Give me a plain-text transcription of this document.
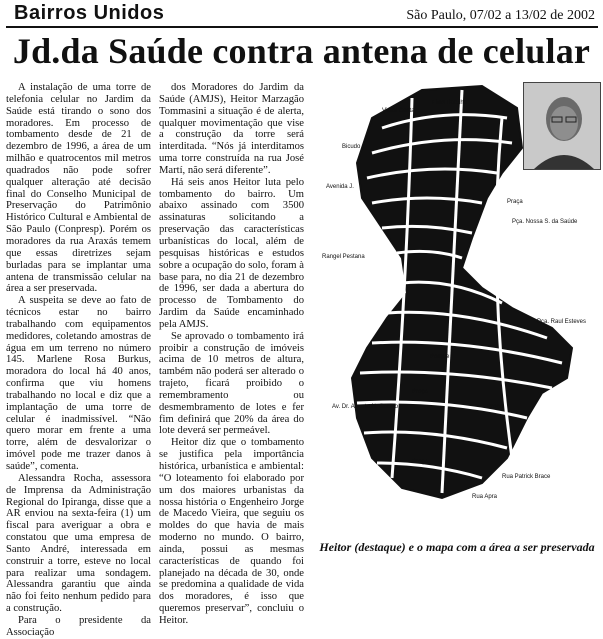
Bairros Unidos	São Paulo, 07/02 a 13/02 de 2002
Jd.da Saúde contra antena de celular

A instalação de uma torre de telefonia celular no Jardim da Saúde está tirando o sono dos moradores. Em processo de tombamento desde de 21 de dezembro de 1996, a área de um milhão e quatrocentos mil metros quadrados não pode sofrer qualquer alteração até decisão final do Conselho Municipal de Preservação do Patrimônio Histórico Cultural e Ambiental de São Paulo (Conpresp). Porém os moradores da rua Araxás temem que essas diretrizes sejam burladas para se implantar uma antena de transmissão celular na área a ser preservada.

A suspeita se deve ao fato de técnicos estar no bairro trabalhando com equipamentos medidores, coletando amostras de água em um terreno no número 145. Marlene Rosa Burkus, moradora do local há 40 anos, confirma que viu homens trabalhando no local e diz que a implantação de uma torre de celular é inadmissível. “Não quero morar em frente a uma torre, além de desvalorizar o imóvel pode me trazer danos à saúde”, comenta.

Alessandra Rocha, assessora de Imprensa da Administração Regional do Ipiranga, disse que a AR enviou na sexta-feira (1) um fiscal para averiguar a obra e constatou que uma empresa de Santo André, interessada em construir a torre, esteve no local para realizar uma sondagem. Alessandra garantiu que ainda não foi feito nenhum pedido para a construção.

Para o presidente da Associação

dos Moradores do Jardim da Saúde (AMJS), Heitor Marzagão Tommasini a situação é de alerta, qualquer movimentação que vise a construção da torre será interditada. “Nós já interditamos uma torre construída na rua José Martí, não será diferente”.

Há seis anos Heitor luta pelo tombamento do bairro. Um abaixo assinado com 3500 assinaturas solicitando a preservação das características urbanísticas do local, além de pesquisas históricas e estudos sobre a ocupação do solo, foram à base para, no dia 21 de dezembro de 1996, ser dada a abertura do processo de Tombamento do Jardim da Saúde encaminhado pela AMJS.

Se aprovado o tombamento irá proibir a construção de imóveis acima de 10 metros de altura, também não poderá ser alterado o trajeto, ficará proibido o remembramento ou desmembramento de lotes e fer fim definirá que 20% da área do lote deverá ser permeável.

Heitor diz que o tombamento se justifica pela importância histórica, urbanística e ambiental: “O loteamento foi elaborado por um dos maiores urbanistas da nossa história o Engenheiro Jorge de Macedo Vieira, que seguiu os moldes do que havia de mais moderno no mundo. O bairro, ainda, possui as mesmas características de quando foi planejado na década de 30, onde se predomina a qualidade de vida dos moradores, é isso que queremos preservar”, concluiu o Heitor.

Victor Costa
Elias Botelho
Bicudo
Avenida J.
Praça
Pça. Nossa S. da Saúde
Rangel Pestana
Pça. Raul Esteves
Av. Dr. Alberto N. Coelho
Parque
Praça
Praça
Praça
Rua Patrick Brace
Rua Apra
Heitor (destaque) e o mapa com a área a ser preservada
